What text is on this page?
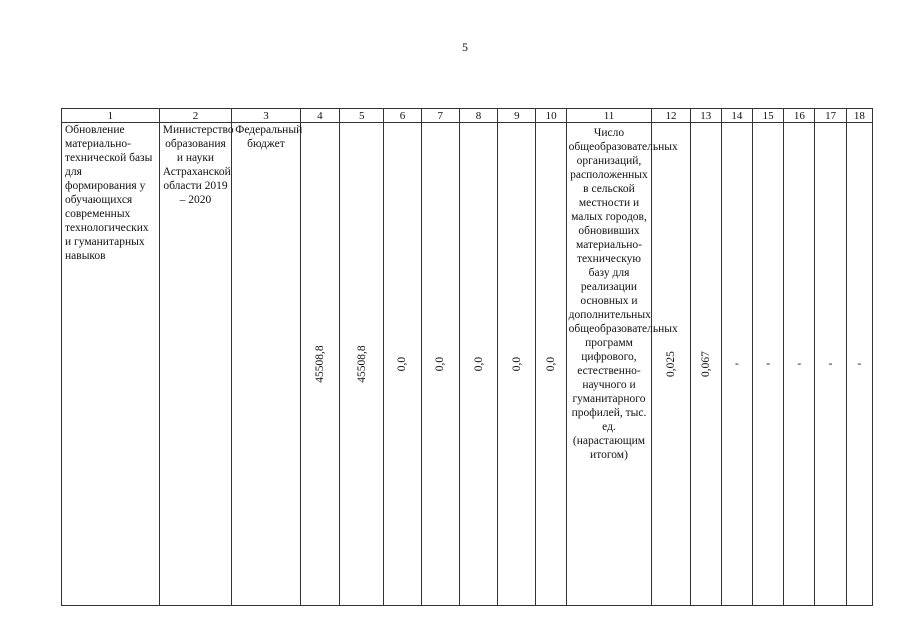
5
1	2	3	4	5	6	7	8	9	10	11	12	13	14	15	16	17	18
Обновление материально-технической базы для формирования у обучающихся современных технологических и гуманитарных навыков	Министерство образования и науки Астраханской области 2019 – 2020	Федеральный бюджет	45508,8	45508,8	0,0	0,0	0,0	0,0	0,0	Число общеобразовательных организаций, расположенных в сельской местности и малых городов, обновивших материально-техническую базу для реализации основных и дополнительных общеобразовательных программ цифрового, естественно-научного и гуманитарного профилей, тыс. ед. (нарастающим итогом)	0,025	0,067	-	-	-	-	-
